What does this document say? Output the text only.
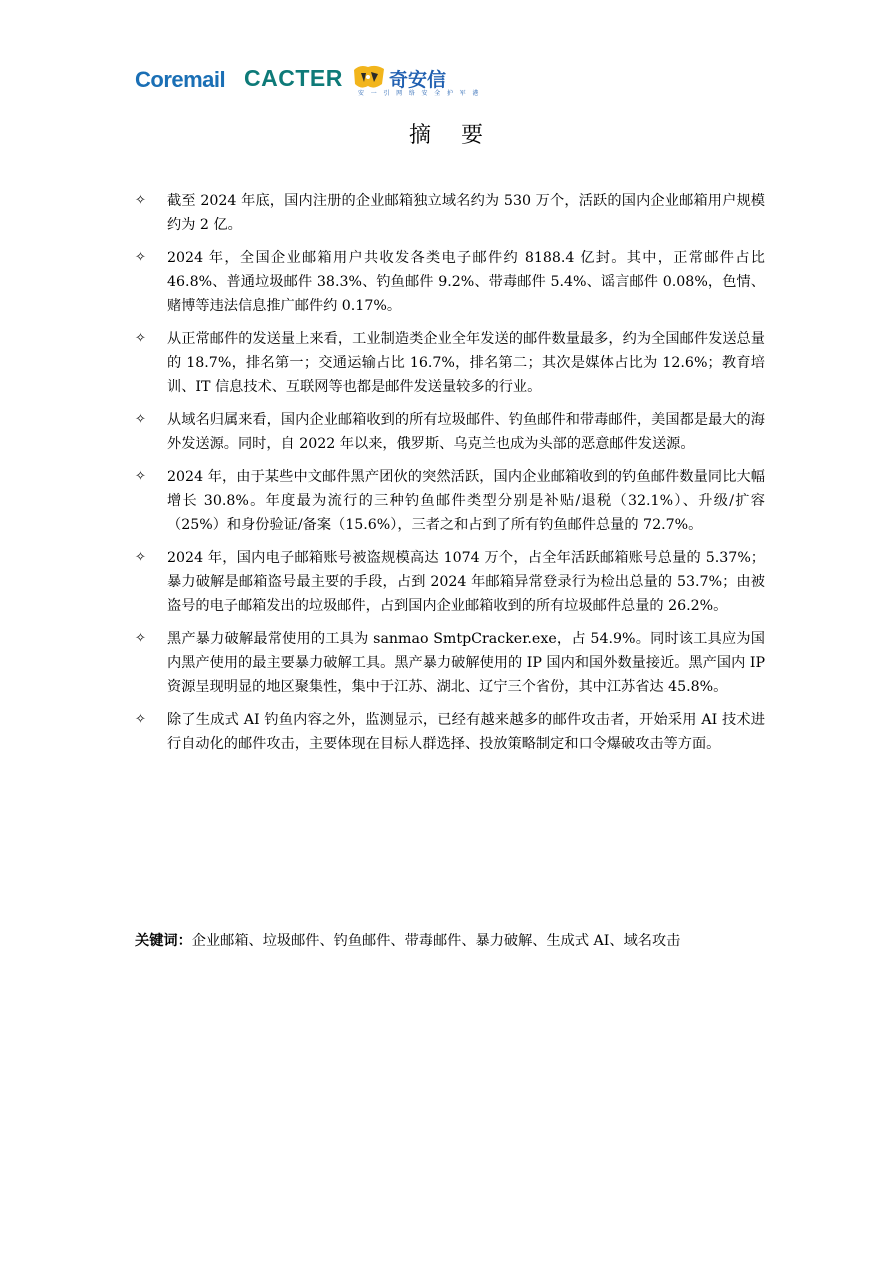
Coremail CACTER 奇安信
安 一 引 网 络 安 全 护 军 港
摘要
✧ 截至 2024 年底，国内注册的企业邮箱独立域名约为 530 万个，活跃的国内企业邮箱用户规模约为 2 亿。
✧ 2024 年，全国企业邮箱用户共收发各类电子邮件约 8188.4 亿封。其中，正常邮件占比 46.8%、普通垃圾邮件 38.3%、钓鱼邮件 9.2%、带毒邮件 5.4%、谣言邮件 0.08%，色情、赌博等违法信息推广邮件约 0.17%。
✧ 从正常邮件的发送量上来看，工业制造类企业全年发送的邮件数量最多，约为全国邮件发送总量的 18.7%，排名第一；交通运输占比 16.7%，排名第二；其次是媒体占比为 12.6%；教育培训、IT 信息技术、互联网等也都是邮件发送量较多的行业。
✧ 从域名归属来看，国内企业邮箱收到的所有垃圾邮件、钓鱼邮件和带毒邮件，美国都是最大的海外发送源。同时，自 2022 年以来，俄罗斯、乌克兰也成为头部的恶意邮件发送源。
✧ 2024 年，由于某些中文邮件黑产团伙的突然活跃，国内企业邮箱收到的钓鱼邮件数量同比大幅增长 30.8%。年度最为流行的三种钓鱼邮件类型分别是补贴/退税（32.1%）、升级/扩容（25%）和身份验证/备案（15.6%），三者之和占到了所有钓鱼邮件总量的 72.7%。
✧ 2024 年，国内电子邮箱账号被盗规模高达 1074 万个，占全年活跃邮箱账号总量的 5.37%；暴力破解是邮箱盗号最主要的手段，占到 2024 年邮箱异常登录行为检出总量的 53.7%；由被盗号的电子邮箱发出的垃圾邮件，占到国内企业邮箱收到的所有垃圾邮件总量的 26.2%。
✧ 黑产暴力破解最常使用的工具为 sanmao SmtpCracker.exe，占 54.9%。同时该工具应为国内黑产使用的最主要暴力破解工具。黑产暴力破解使用的 IP 国内和国外数量接近。黑产国内 IP 资源呈现明显的地区聚集性，集中于江苏、湖北、辽宁三个省份，其中江苏省达 45.8%。
✧ 除了生成式 AI 钓鱼内容之外，监测显示，已经有越来越多的邮件攻击者，开始采用 AI 技术进行自动化的邮件攻击，主要体现在目标人群选择、投放策略制定和口令爆破攻击等方面。
关键词：企业邮箱、垃圾邮件、钓鱼邮件、带毒邮件、暴力破解、生成式 AI、域名攻击
